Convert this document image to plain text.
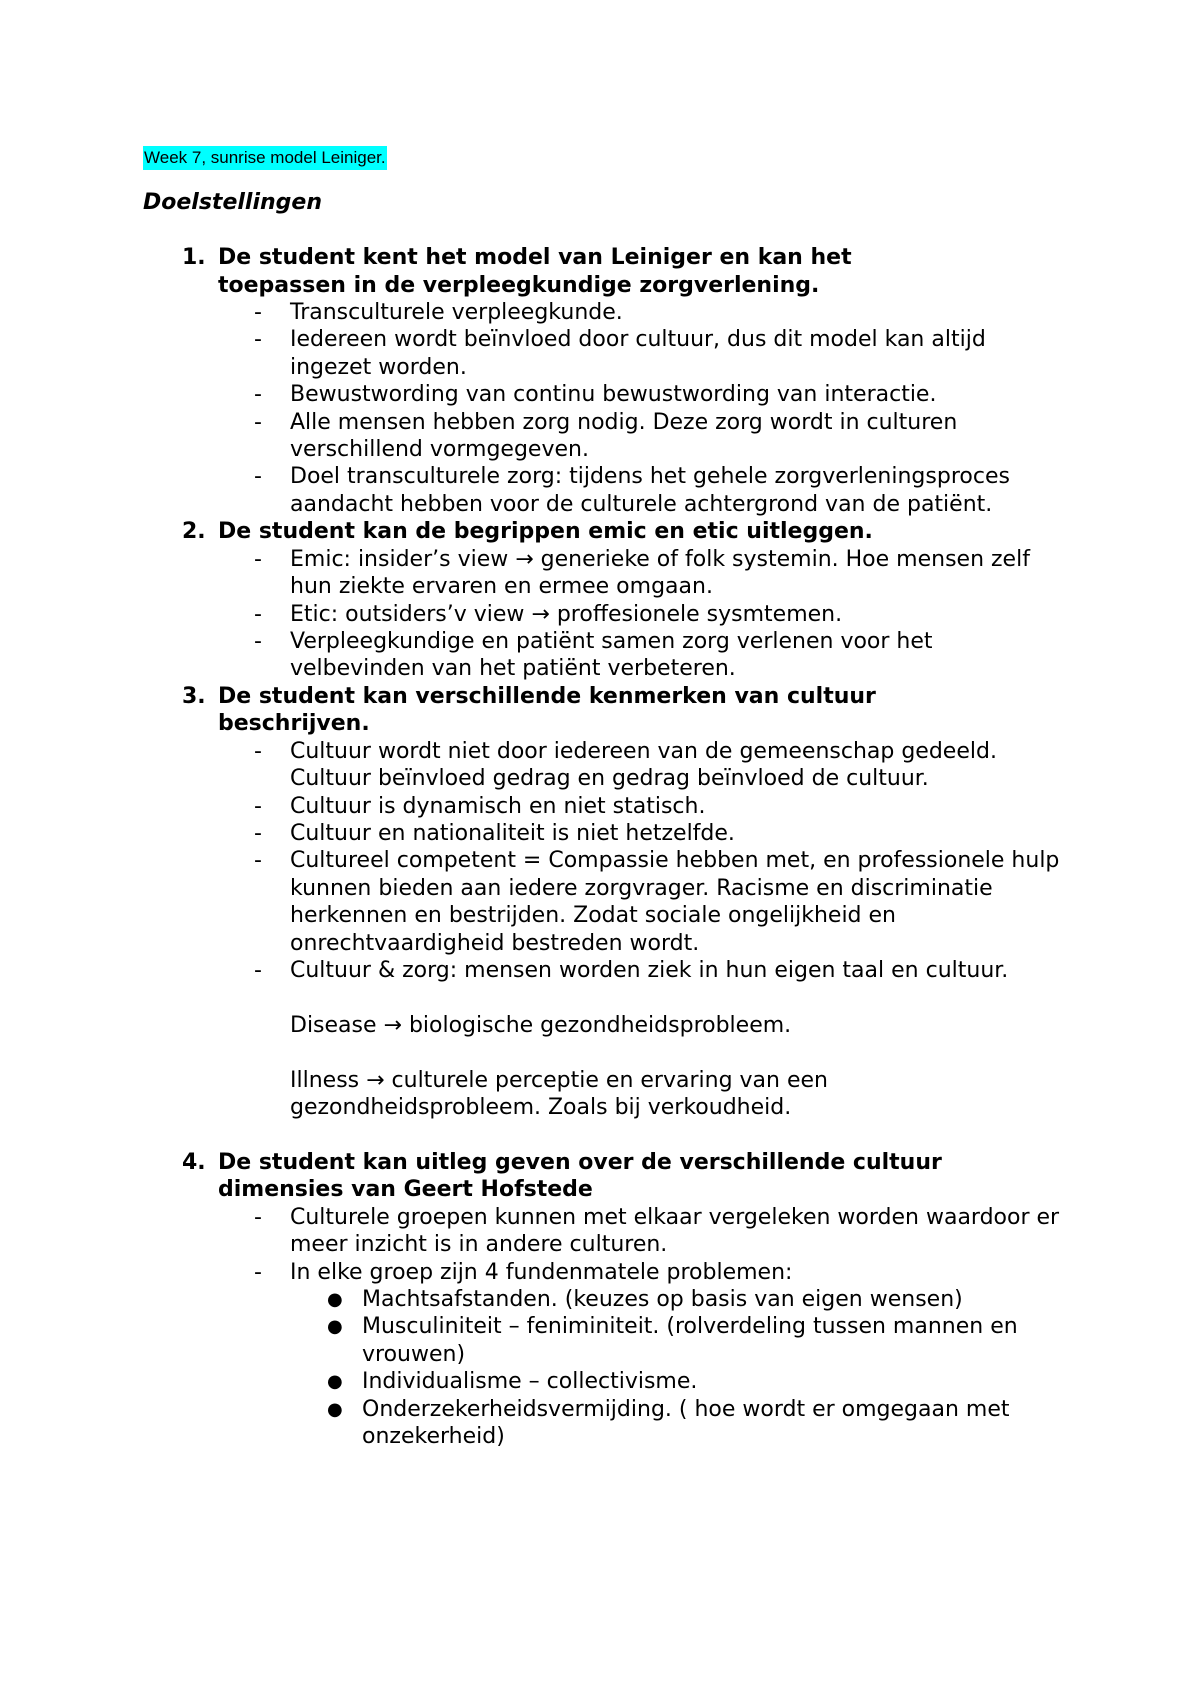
Week 7, sunrise model Leiniger.
Doelstellingen
1. De student kent het model van Leiniger en kan het toepassen in de verpleegkundige zorgverlening.
-	Transculturele verpleegkunde.
-	Iedereen wordt beïnvloed door cultuur, dus dit model kan altijd ingezet worden.
-	Bewustwording van continu bewustwording van interactie.
-	Alle mensen hebben zorg nodig. Deze zorg wordt in culturen verschillend vormgegeven.
-	Doel transculturele zorg: tijdens het gehele zorgverleningsproces aandacht hebben voor de culturele achtergrond van de patiënt.
2. De student kan de begrippen emic en etic uitleggen.
-	Emic: insider’s view → generieke of folk systemin. Hoe mensen zelf hun ziekte ervaren en ermee omgaan.
-	Etic: outsiders’v view → proffesionele sysmtemen.
-	Verpleegkundige en patiënt samen zorg verlenen voor het velbevinden van het patiënt verbeteren.
3. De student kan verschillende kenmerken van cultuur beschrijven.
-	Cultuur wordt niet door iedereen van de gemeenschap gedeeld. Cultuur beïnvloed gedrag en gedrag beïnvloed de cultuur.
-	Cultuur is dynamisch en niet statisch.
-	Cultuur en nationaliteit is niet hetzelfde.
-	Cultureel competent = Compassie hebben met, en professionele hulp kunnen bieden aan iedere zorgvrager. Racisme en discriminatie herkennen en bestrijden. Zodat sociale ongelijkheid en onrechtvaardigheid bestreden wordt.
-	Cultuur & zorg: mensen worden ziek in hun eigen taal en cultuur.
Disease → biologische gezondheidsprobleem.
Illness → culturele perceptie en ervaring van een gezondheidsprobleem. Zoals bij verkoudheid.
4. De student kan uitleg geven over de verschillende cultuur dimensies van Geert Hofstede
-	Culturele groepen kunnen met elkaar vergeleken worden waardoor er meer inzicht is in andere culturen.
-	In elke groep zijn 4 fundenmatele problemen:
● Machtsafstanden. (keuzes op basis van eigen wensen)
● Musculiniteit – feniminiteit. (rolverdeling tussen mannen en vrouwen)
● Individualisme – collectivisme.
● Onderzekerheidsvermijding. ( hoe wordt er omgegaan met onzekerheid)
